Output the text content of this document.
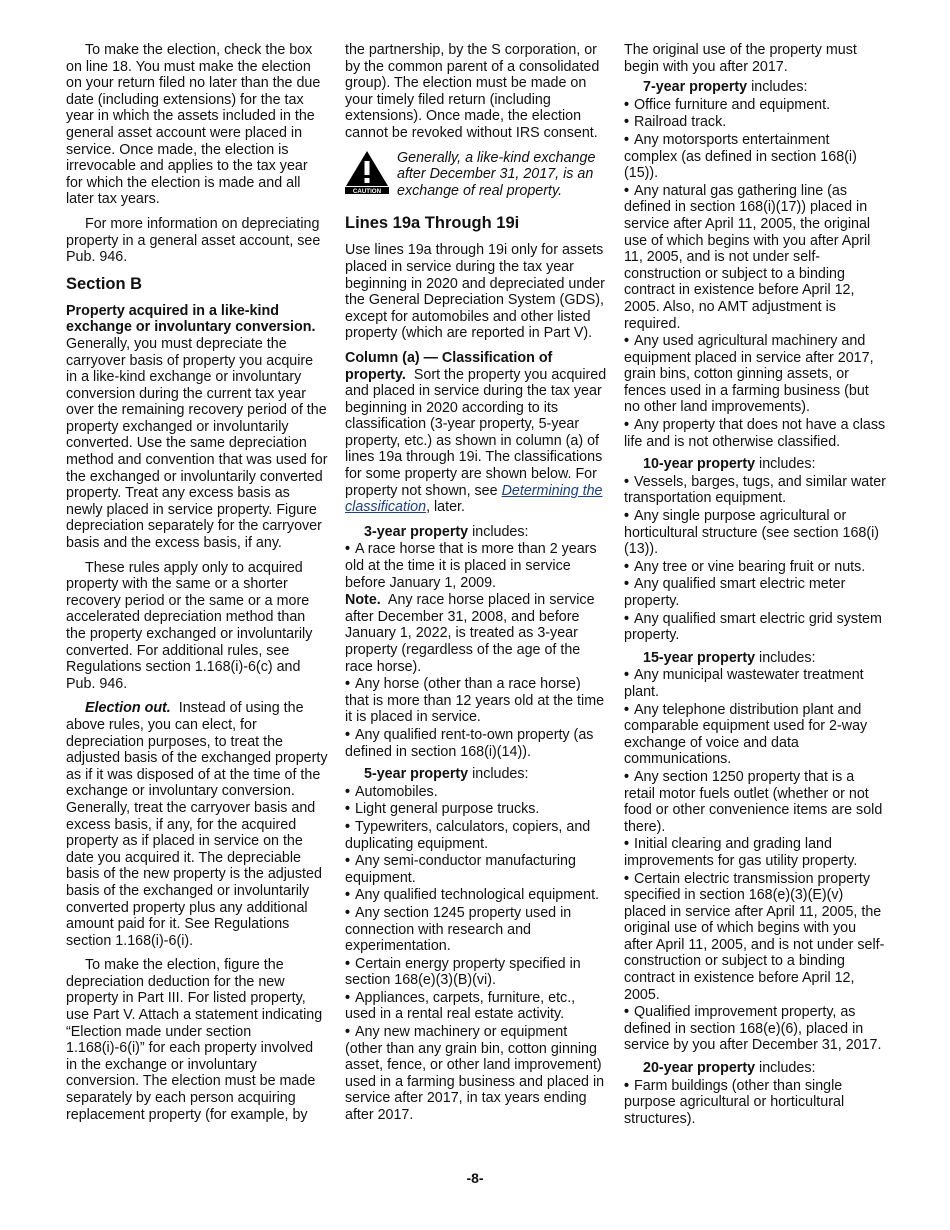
To make the election, check the box on line 18. You must make the election on your return filed no later than the due date (including extensions) for the tax year in which the assets included in the general asset account were placed in service. Once made, the election is irrevocable and applies to the tax year for which the election is made and all later tax years.

For more information on depreciating property in a general asset account, see Pub. 946.

Section B

Property acquired in a like-kind exchange or involuntary conversion. Generally, you must depreciate the carryover basis of property you acquire in a like-kind exchange or involuntary conversion during the current tax year over the remaining recovery period of the property exchanged or involuntarily converted. Use the same depreciation method and convention that was used for the exchanged or involuntarily converted property. Treat any excess basis as newly placed in service property. Figure depreciation separately for the carryover basis and the excess basis, if any.

These rules apply only to acquired property with the same or a shorter recovery period or the same or a more accelerated depreciation method than the property exchanged or involuntarily converted. For additional rules, see Regulations section 1.168(i)-6(c) and Pub. 946.

Election out. Instead of using the above rules, you can elect, for depreciation purposes, to treat the adjusted basis of the exchanged property as if it was disposed of at the time of the exchange or involuntary conversion. Generally, treat the carryover basis and excess basis, if any, for the acquired property as if placed in service on the date you acquired it. The depreciable basis of the new property is the adjusted basis of the exchanged or involuntarily converted property plus any additional amount paid for it. See Regulations section 1.168(i)-6(i).

To make the election, figure the depreciation deduction for the new property in Part III. For listed property, use Part V. Attach a statement indicating “Election made under section 1.168(i)-6(i)” for each property involved in the exchange or involuntary conversion. The election must be made separately by each person acquiring replacement property (for example, by

the partnership, by the S corporation, or by the common parent of a consolidated group). The election must be made on your timely filed return (including extensions). Once made, the election cannot be revoked without IRS consent.

CAUTION
Generally, a like-kind exchange after December 31, 2017, is an exchange of real property.
Lines 19a Through 19i

Use lines 19a through 19i only for assets placed in service during the tax year beginning in 2020 and depreciated under the General Depreciation System (GDS), except for automobiles and other listed property (which are reported in Part V).

Column (a) — Classification of property. Sort the property you acquired and placed in service during the tax year beginning in 2020 according to its classification (3-year property, 5-year property, etc.) as shown in column (a) of lines 19a through 19i. The classifications for some property are shown below. For property not shown, see Determining the classification, later.

3-year property includes:
• A race horse that is more than 2 years old at the time it is placed in service before January 1, 2009.
Note. Any race horse placed in service after December 31, 2008, and before January 1, 2022, is treated as 3-year property (regardless of the age of the race horse).
• Any horse (other than a race horse) that is more than 12 years old at the time it is placed in service.
• Any qualified rent-to-own property (as defined in section 168(i)(14)).
5-year property includes:
• Automobiles.
• Light general purpose trucks.
• Typewriters, calculators, copiers, and duplicating equipment.
• Any semi-conductor manufacturing equipment.
• Any qualified technological equipment.
• Any section 1245 property used in connection with research and experimentation.
• Certain energy property specified in section 168(e)(3)(B)(vi).
• Appliances, carpets, furniture, etc., used in a rental real estate activity.
• Any new machinery or equipment (other than any grain bin, cotton ginning asset, fence, or other land improvement) used in a farming business and placed in service after 2017, in tax years ending after 2017.

The original use of the property must begin with you after 2017.

7-year property includes:
• Office furniture and equipment.
• Railroad track.
• Any motorsports entertainment complex (as defined in section 168(i)(15)).
• Any natural gas gathering line (as defined in section 168(i)(17)) placed in service after April 11, 2005, the original use of which begins with you after April 11, 2005, and is not under self-construction or subject to a binding contract in existence before April 12, 2005. Also, no AMT adjustment is required.
• Any used agricultural machinery and equipment placed in service after 2017, grain bins, cotton ginning assets, or fences used in a farming business (but no other land improvements).
• Any property that does not have a class life and is not otherwise classified.
10-year property includes:
• Vessels, barges, tugs, and similar water transportation equipment.
• Any single purpose agricultural or horticultural structure (see section 168(i)(13)).
• Any tree or vine bearing fruit or nuts.
• Any qualified smart electric meter property.
• Any qualified smart electric grid system property.
15-year property includes:
• Any municipal wastewater treatment plant.
• Any telephone distribution plant and comparable equipment used for 2-way exchange of voice and data communications.
• Any section 1250 property that is a retail motor fuels outlet (whether or not food or other convenience items are sold there).
• Initial clearing and grading land improvements for gas utility property.
• Certain electric transmission property specified in section 168(e)(3)(E)(v) placed in service after April 11, 2005, the original use of which begins with you after April 11, 2005, and is not under self-construction or subject to a binding contract in existence before April 12, 2005.
• Qualified improvement property, as defined in section 168(e)(6), placed in service by you after December 31, 2017.
20-year property includes:
• Farm buildings (other than single purpose agricultural or horticultural structures).
-8-
